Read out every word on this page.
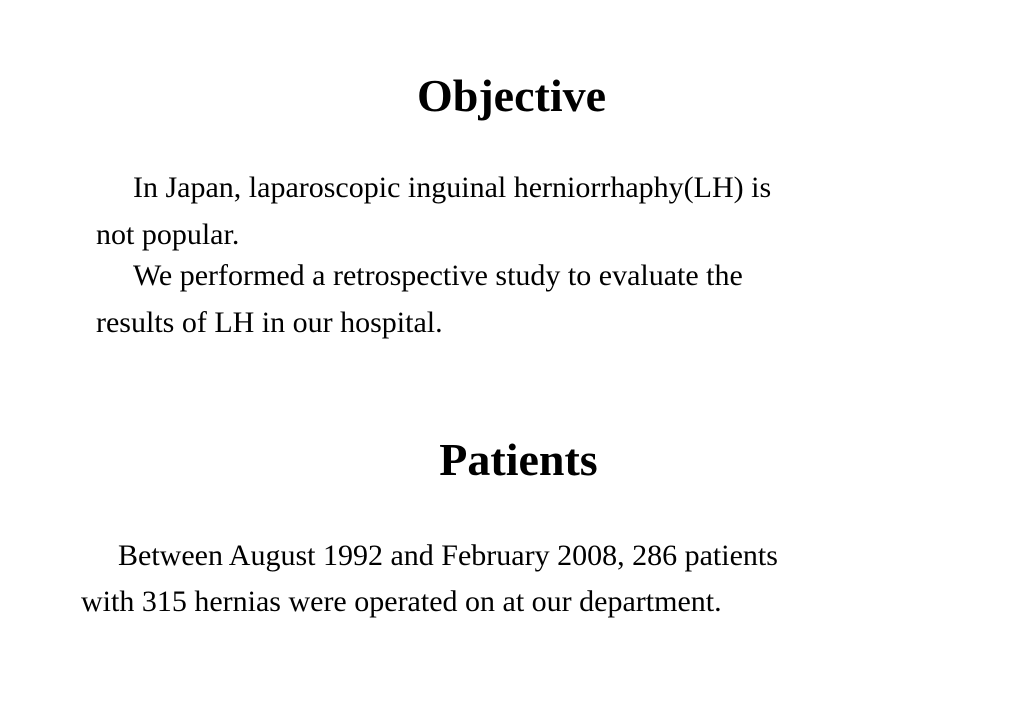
Objective

In Japan, laparoscopic inguinal herniorrhaphy(LH) is

not popular.

We performed a retrospective study to evaluate the

results of LH in our hospital.

Patients

Between August 1992 and February 2008, 286 patients

with 315 hernias were operated on at our department.
